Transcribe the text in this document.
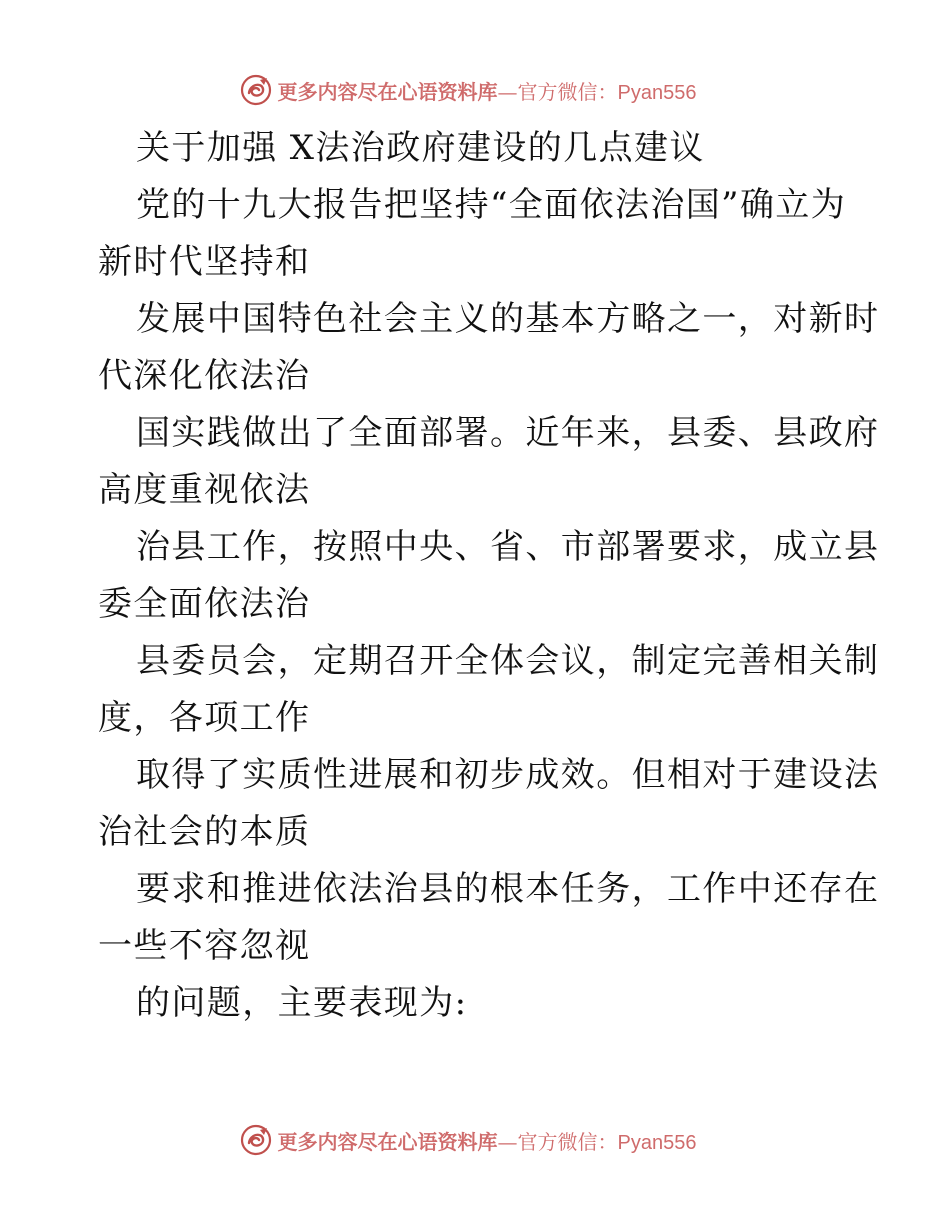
更多内容尽在心语资料库—官方微信：Pyan556
关于加强 X法治政府建设的几点建议
党的十九大报告把坚持“全面依法治国”确立为
新时代坚持和
发展中国特色社会主义的基本方略之一，对新时
代深化依法治
国实践做出了全面部署。近年来，县委、县政府
高度重视依法
治县工作，按照中央、省、市部署要求，成立县
委全面依法治
县委员会，定期召开全体会议，制定完善相关制
度，各项工作
取得了实质性进展和初步成效。但相对于建设法
治社会的本质
要求和推进依法治县的根本任务，工作中还存在
一些不容忽视
的问题，主要表现为:
更多内容尽在心语资料库—官方微信：Pyan556
